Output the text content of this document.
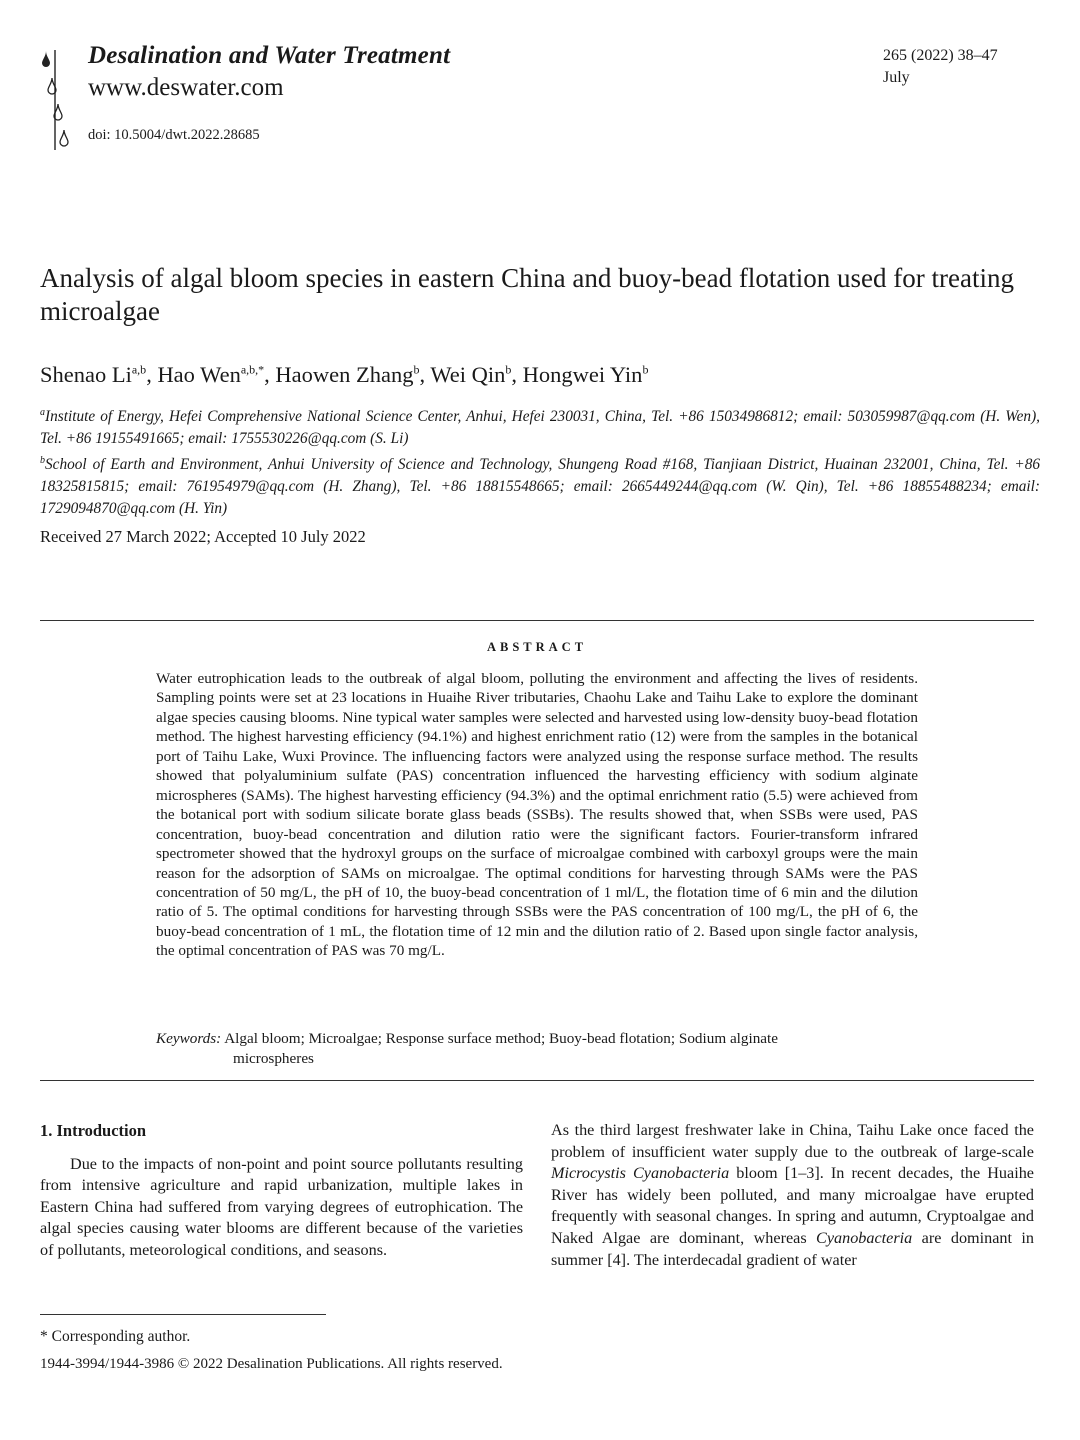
Desalination and Water Treatment
www.deswater.com
doi: 10.5004/dwt.2022.28685
265 (2022) 38–47
July
Analysis of algal bloom species in eastern China and buoy-bead flotation used for treating microalgae
Shenao Li$^{a,b}$, Hao Wen$^{a,b,*}$, Haowen Zhang$^b$, Wei Qin$^b$, Hongwei Yin$^b$

$^a$Institute of Energy, Hefei Comprehensive National Science Center, Anhui, Hefei 230031, China, Tel. +86 15034986812; email: 503059987@qq.com (H. Wen), Tel. +86 19155491665; email: 1755530226@qq.com (S. Li)

$^b$School of Earth and Environment, Anhui University of Science and Technology, Shungeng Road #168, Tianjiaan District, Huainan 232001, China, Tel. +86 18325815815; email: 761954979@qq.com (H. Zhang), Tel. +86 18815548665; email: 2665449244@qq.com (W. Qin), Tel. +86 18855488234; email: 1729094870@qq.com (H. Yin)

Received 27 March 2022; Accepted 10 July 2022
ABSTRACT
Water eutrophication leads to the outbreak of algal bloom, polluting the environment and affecting the lives of residents. Sampling points were set at 23 locations in Huaihe River tributaries, Chaohu Lake and Taihu Lake to explore the dominant algae species causing blooms. Nine typical water samples were selected and harvested using low-density buoy-bead flotation method. The highest harvesting efficiency (94.1%) and highest enrichment ratio (12) were from the samples in the botanical port of Taihu Lake, Wuxi Province. The influencing factors were analyzed using the response surface method. The results showed that polyaluminium sulfate (PAS) concentration influenced the harvesting efficiency with sodium alginate microspheres (SAMs). The highest harvesting efficiency (94.3%) and the optimal enrichment ratio (5.5) were achieved from the botanical port with sodium silicate borate glass beads (SSBs). The results showed that, when SSBs were used, PAS concentration, buoy-bead concentration and dilution ratio were the significant factors. Fourier-transform infrared spectrometer showed that the hydroxyl groups on the surface of microalgae combined with carboxyl groups were the main reason for the adsorption of SAMs on microalgae. The optimal conditions for harvesting through SAMs were the PAS concentration of 50 mg/L, the pH of 10, the buoy-bead concentration of 1 ml/L, the flotation time of 6 min and the dilution ratio of 5. The optimal conditions for harvesting through SSBs were the PAS concentration of 100 mg/L, the pH of 6, the buoy-bead concentration of 1 mL, the flotation time of 12 min and the dilution ratio of 2. Based upon single factor analysis, the optimal concentration of PAS was 70 mg/L.
Keywords: Algal bloom; Microalgae; Response surface method; Buoy-bead flotation; Sodium alginate
microspheres
1. Introduction

Due to the impacts of non-point and point source pollutants resulting from intensive agriculture and rapid urbanization, multiple lakes in Eastern China had suffered from varying degrees of eutrophication. The algal species causing water blooms are different because of the varieties of pollutants, meteorological conditions, and seasons.

As the third largest freshwater lake in China, Taihu Lake once faced the problem of insufficient water supply due to the outbreak of large-scale Microcystis Cyanobacteria bloom [1–3]. In recent decades, the Huaihe River has widely been polluted, and many microalgae have erupted frequently with seasonal changes. In spring and autumn, Cryptoalgae and Naked Algae are dominant, whereas Cyanobacteria are dominant in summer [4]. The interdecadal gradient of water

* Corresponding author.
1944-3994/1944-3986 © 2022 Desalination Publications. All rights reserved.
